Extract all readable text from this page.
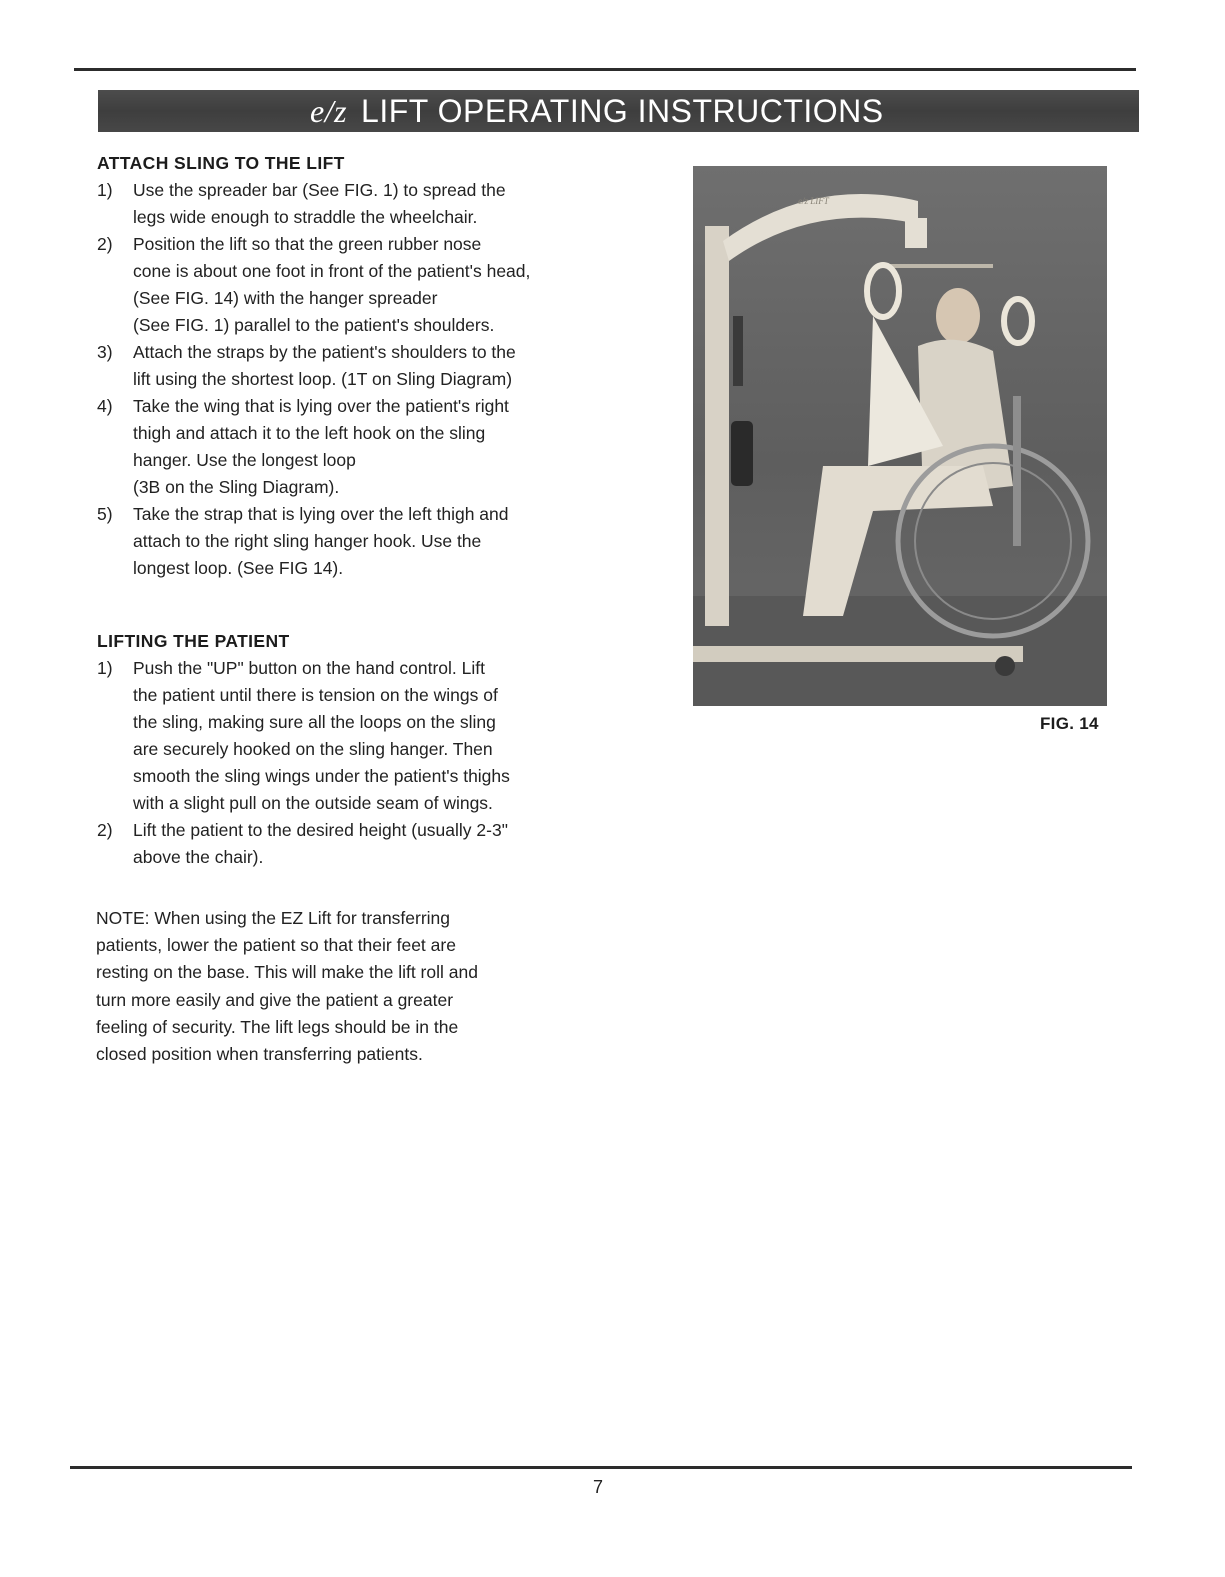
e/z LIFT OPERATING INSTRUCTIONS
ATTACH SLING TO THE LIFT
1) Use the spreader bar (See FIG. 1) to spread the
legs wide enough to straddle the wheelchair.
2) Position the lift so that the green rubber nose
cone is about one foot in front of the patient's head,
(See FIG. 14) with the hanger spreader
(See FIG. 1) parallel to the patient's shoulders.
3) Attach the straps by the patient's shoulders to the
lift using the shortest loop. (1T on Sling Diagram)
4) Take the wing that is lying over the patient's right
thigh and attach it to the left hook on the sling
hanger. Use the longest loop
(3B on the Sling Diagram).
5) Take the strap that is lying over the left thigh and
attach to the right sling hanger hook. Use the
longest loop. (See FIG 14).
LIFTING THE PATIENT
1) Push the "UP" button on the hand control. Lift
the patient until there is tension on the wings of
the sling, making sure all the loops on the sling
are securely hooked on the sling hanger. Then
smooth the sling wings under the patient's thighs
with a slight pull on the outside seam of wings.
2) Lift the patient to the desired height (usually 2-3"
above the chair).
NOTE: When using the EZ Lift for transferring
patients, lower the patient so that their feet are
resting on the base. This will make the lift roll and
turn more easily and give the patient a greater
feeling of security. The lift legs should be in the
closed position when transferring patients.
e/z LIFT
FIG. 14
7
